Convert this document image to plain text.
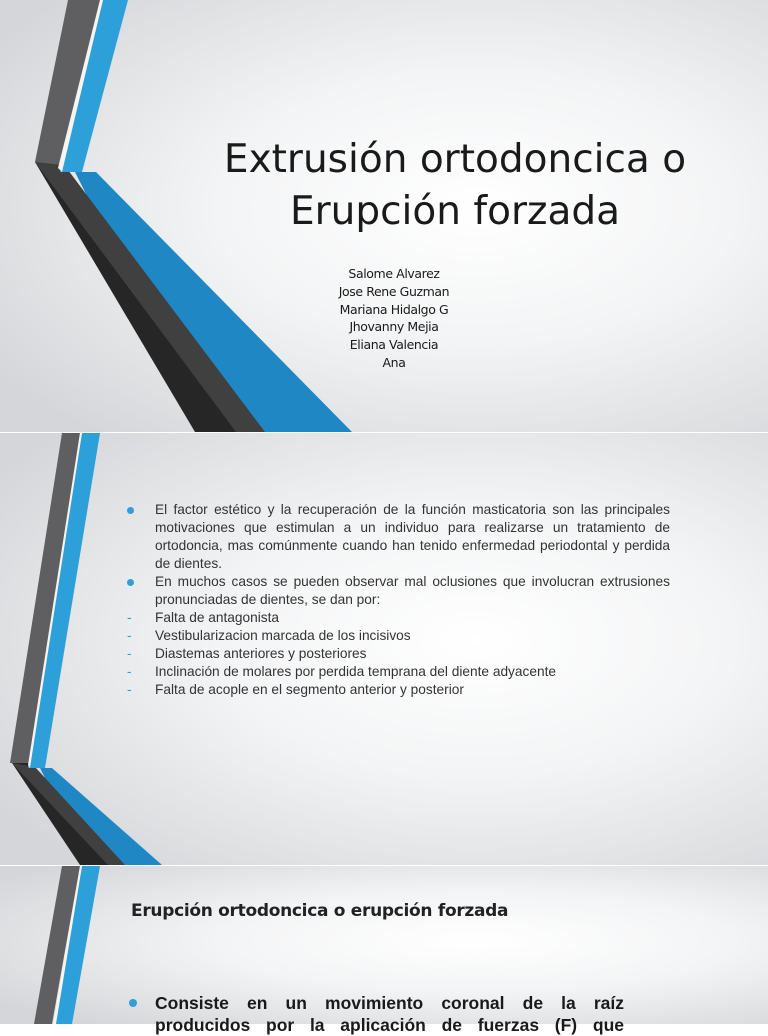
Extrusión ortodoncica o
Erupción forzada
Salome Alvarez
Jose Rene Guzman
Mariana Hidalgo G
Jhovanny Mejia
Eliana Valencia
Ana
El factor estético y la recuperación de la función masticatoria son las principales motivaciones que estimulan a un individuo para realizarse un tratamiento de ortodoncia, mas comúnmente cuando han tenido enfermedad periodontal y perdida de dientes.
En muchos casos se pueden observar mal oclusiones que involucran extrusiones pronunciadas de dientes, se dan por:
- Falta de antagonista
- Vestibularizacion marcada de los incisivos
- Diastemas anteriores y posteriores
- Inclinación de molares por perdida temprana del diente adyacente
- Falta de acople en el segmento anterior y posterior
Erupción ortodoncica o erupción forzada
Consiste en un movimiento coronal de la raíz producidos por la aplicación de fuerzas (F) que
